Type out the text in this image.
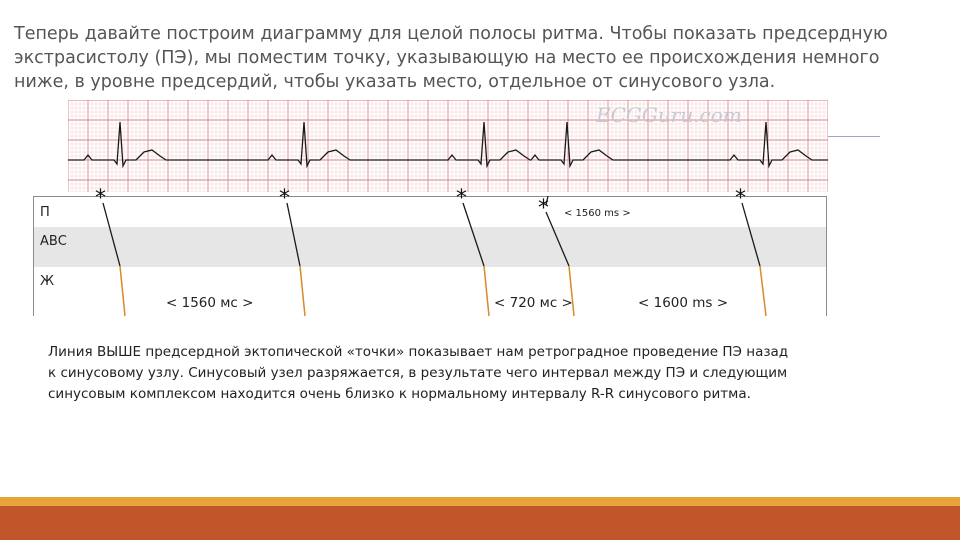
Теперь давайте построим диаграмму для целой полосы ритма. Чтобы показать предсердную
экстрасистолу (ПЭ), мы поместим точку, указывающую на место ее происхождения немного
ниже, в уровне предсердий, чтобы указать место, отдельное от синусового узла.
ECGGuru.com
П
АВС
Ж
*	*	*	*	*
< 1560 ms >
< 1560 мс >	< 720 мс >	< 1600 ms >
Линия ВЫШЕ предсердной эктопической «точки» показывает нам ретроградное проведение ПЭ назад
к синусовому узлу. Синусовый узел разряжается, в результате чего интервал между ПЭ и следующим
синусовым комплексом находится очень близко к нормальному интервалу R-R синусового ритма.
